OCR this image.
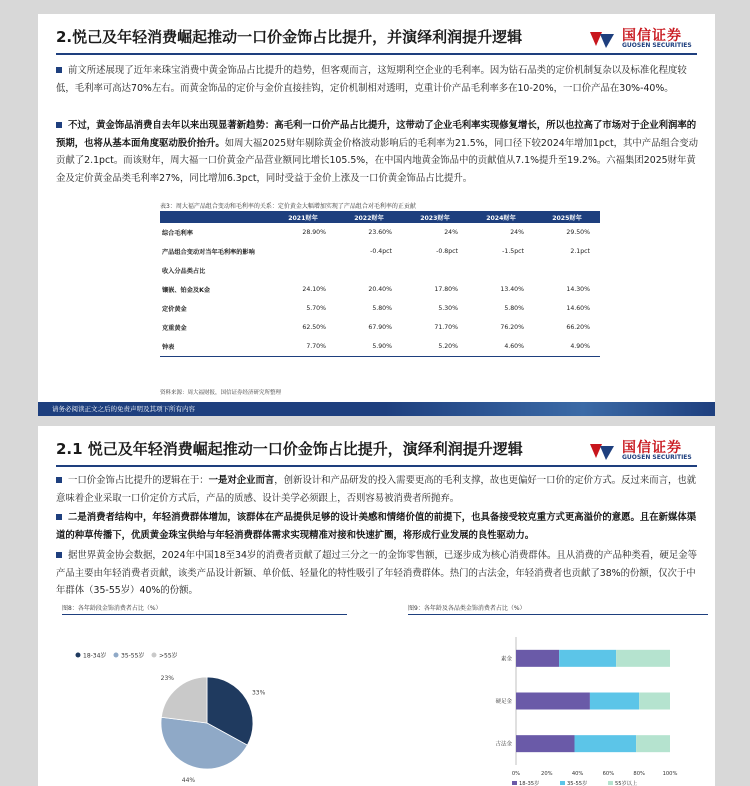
2.悦己及年轻消费崛起推动一口价金饰占比提升，并演绎利润提升逻辑	国信证券
GUOSEN SECURITIES
前文所述展现了近年来珠宝消费中黄金饰品占比提升的趋势，但客观而言，这短期利空企业的毛利率。因为钻石品类的定价机制复杂以及标准化程度较低，毛利率可高达70%左右。而黄金饰品的定价与金价直接挂钩，定价机制相对透明，克重计价产品毛利率多在10-20%，一口价产品在30%-40%。
不过，黄金饰品消费自去年以来出现显著新趋势：高毛利一口价产品占比提升，这带动了企业毛利率实现修复增长，所以也拉高了市场对于企业利润率的预期，也将从基本面角度驱动股价抬升。如周大福2025财年剔除黄金价格波动影响后的毛利率为21.5%，同口径下较2024年增加1pct，其中产品组合变动贡献了2.1pct。而该财年，周大福一口价黄金产品营业额同比增长105.5%，在中国内地黄金饰品中的贡献值从7.1%提升至19.2%。六福集团2025财年黄金及定价黄金品类毛利率27%，同比增加6.3pct，同时受益于金价上涨及一口价黄金饰品占比提升。
表3：周大福产品组合变动和毛利率的关系：定价黄金大幅增加实现了产品组合对毛利率的正贡献
	2021财年	2022财年	2023财年	2024财年	2025财年
综合毛利率	28.90%	23.60%	24%	24%	29.50%
产品组合变动对当年毛利率的影响		-0.4pct	-0.8pct	-1.5pct	2.1pct
收入分品类占比					
镶嵌、铂金及K金	24.10%	20.40%	17.80%	13.40%	14.30%
定价黄金	5.70%	5.80%	5.30%	5.80%	14.60%
克重黄金	62.50%	67.90%	71.70%	76.20%	66.20%
钟表	7.70%	5.90%	5.20%	4.60%	4.90%
资料来源：周大福财报，国信证券经济研究所整理
请务必阅读正文之后的免责声明及其项下所有内容
2.1 悦己及年轻消费崛起推动一口价金饰占比提升，演绎利润提升逻辑	国信证券
GUOSEN SECURITIES
一口价金饰占比提升的逻辑在于：一是对企业而言，创新设计和产品研发的投入需要更高的毛利支撑，故也更偏好一口价的定价方式。反过来而言，也就意味着企业采取一口价定价方式后，产品的质感、设计美学必须跟上，否则容易被消费者所抛弃。
二是消费者结构中，年轻消费群体增加，该群体在产品提供足够的设计美感和情绪价值的前提下，也具备接受较克重方式更高溢价的意愿。且在新媒体渠道的种草传播下，优质黄金珠宝供给与年轻消费群体需求实现精准对接和快速扩圈，将形成行业发展的良性驱动力。
据世界黄金协会数据，2024年中国18至34岁的消费者贡献了超过三分之一的金饰零售额，已逐步成为核心消费群体。且从消费的产品种类看，硬足金等产品主要由年轻消费者贡献，该类产品设计新颖、单价低、轻量化的特性吸引了年轻消费群体。热门的古法金，年轻消费者也贡献了38%的份额，仅次于中年群体（35-55岁）40%的份额。
图8：各年龄段金饰消费者占比（%）
18-34岁 35-55岁 >55岁
33%
44%
23%
图9：各年龄及各品类金饰消费者占比（%）
素金
硬足金
古法金
0%	20%	40%	60%	80%	100%
18-35岁	35-55岁	55岁以上
